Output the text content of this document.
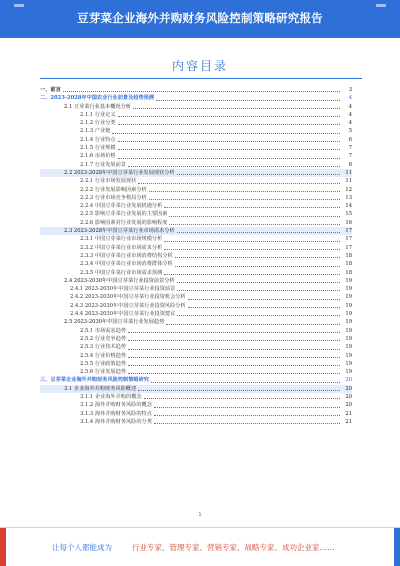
豆芽菜企业海外并购财务风险控制策略研究报告
内容目录
一、前言	3
二、2023-2028年中国农业行业前景及趋势预测	4
2.1 豆芽菜行业基本概况分析	4
2.1.1 行业定义	4
2.1.2 行业分类	4
2.1.3 产业链	5
2.1.4 行业特点	6
2.1.5 行业规模	7
2.1.6 市场价格	7
2.1.7 行业发展前景	8
2.2 2023-2028年中国豆芽菜行业发展现状分析	11
2.2.1 行业市场发展现状	11
2.2.2 行业发展影响因素分析	12
2.2.3 行业市场竞争格局分析	13
2.2.4 中国豆芽菜行业发展机遇分析	14
2.2.5 影响豆芽菜行业发展的主要因素	15
2.2.6 影响因素对行业发展的影响程度	16
2.3 2023-2028年中国豆芽菜行业市场需求分析	17
2.3.1 中国豆芽菜行业市场规模分析	17
2.3.2 中国豆芽菜行业市场需求分析	17
2.3.3 中国豆芽菜行业市场消费结构分析	18
2.3.4 中国豆芽菜行业市场消费群体分析	18
2.3.5 中国豆芽菜行业市场需求预测	18
2.4 2023-2030年中国豆芽菜行业投资前景分析	19
2.4.1 2023-2030年中国豆芽菜行业投资前景	19
2.4.2 2023-2030年中国豆芽菜行业投资机会分析	19
2.4.3 2023-2030年中国豆芽菜行业投资风险分析	19
2.4.4 2023-2030年中国豆芽菜行业投资建议	19
2.5 2023-2030年中国豆芽菜行业发展趋势	19
2.5.1 市场需求趋势	19
2.5.2 行业竞争趋势	19
2.5.3 行业技术趋势	19
2.5.4 行业价格趋势	19
2.5.5 行业政策趋势	19
2.5.6 行业发展趋势	19
三、豆芽菜企业海外并购财务风险控制策略研究	20
3.1 企业海外并购财务风险概述	20
3.1.1 企业海外并购的概念	20
3.1.2 海外并购财务风险的概念	20
3.1.3 海外并购财务风险的特点	21
3.1.4 海外并购财务风险的分类	21
1
让每个人都能成为	行业专家、管理专家、营销专家、战略专家、成功企业家……
